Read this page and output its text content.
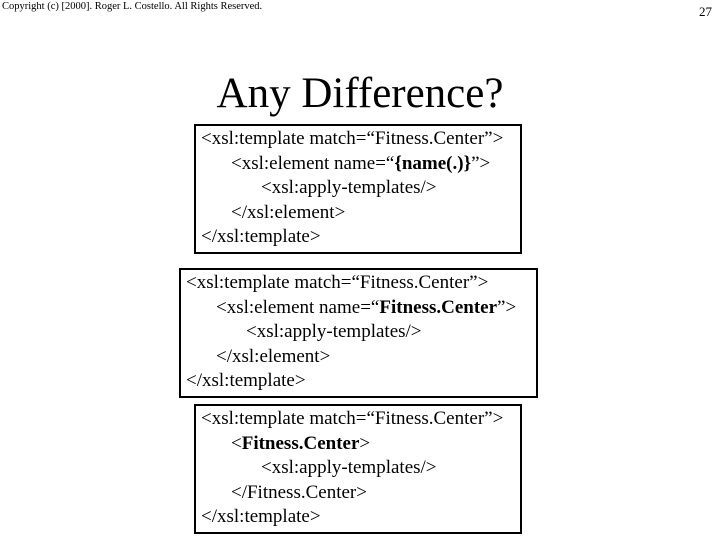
Copyright (c) [2000]. Roger L. Costello. All Rights Reserved.	27
Any Difference?
<xsl:template match=“Fitness.Center”>
<xsl:element name=“{name(.)}”>
<xsl:apply-templates/>
</xsl:element>
</xsl:template>
<xsl:template match=“Fitness.Center”>
<xsl:element name=“Fitness.Center”>
<xsl:apply-templates/>
</xsl:element>
</xsl:template>
<xsl:template match=“Fitness.Center”>
<Fitness.Center>
<xsl:apply-templates/>
</Fitness.Center>
</xsl:template>
